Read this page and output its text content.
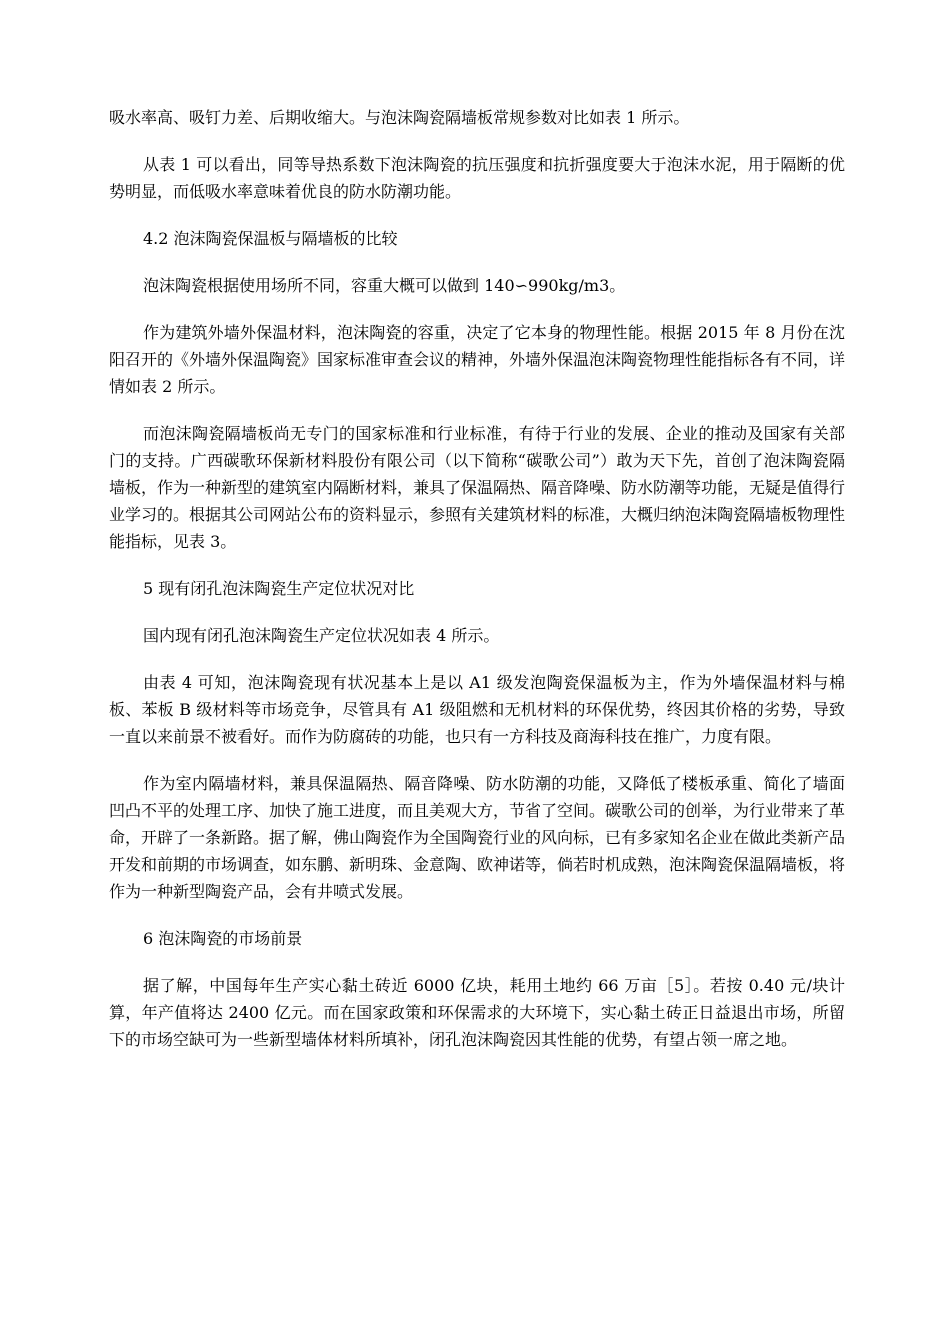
吸水率高、吸钉力差、后期收缩大。与泡沫陶瓷隔墙板常规参数对比如表 1 所示。

从表 1 可以看出，同等导热系数下泡沫陶瓷的抗压强度和抗折强度要大于泡沫水泥，用于隔断的优势明显，而低吸水率意味着优良的防水防潮功能。

4.2 泡沫陶瓷保温板与隔墙板的比较

泡沫陶瓷根据使用场所不同，容重大概可以做到 140∽990kg/m3。

作为建筑外墙外保温材料，泡沫陶瓷的容重，决定了它本身的物理性能。根据 2015 年 8 月份在沈阳召开的《外墙外保温陶瓷》国家标准审查会议的精神，外墙外保温泡沫陶瓷物理性能指标各有不同，详情如表 2 所示。

而泡沫陶瓷隔墙板尚无专门的国家标准和行业标准，有待于行业的发展、企业的推动及国家有关部门的支持。广西碳歌环保新材料股份有限公司（以下简称“碳歌公司”）敢为天下先，首创了泡沫陶瓷隔墙板，作为一种新型的建筑室内隔断材料，兼具了保温隔热、隔音降噪、防水防潮等功能，无疑是值得行业学习的。根据其公司网站公布的资料显示，参照有关建筑材料的标准，大概归纳泡沫陶瓷隔墙板物理性能指标，见表 3。

5 现有闭孔泡沫陶瓷生产定位状况对比

国内现有闭孔泡沫陶瓷生产定位状况如表 4 所示。

由表 4 可知，泡沫陶瓷现有状况基本上是以 A1 级发泡陶瓷保温板为主，作为外墙保温材料与棉板、苯板 B 级材料等市场竞争，尽管具有 A1 级阻燃和无机材料的环保优势，终因其价格的劣势，导致一直以来前景不被看好。而作为防腐砖的功能，也只有一方科技及商海科技在推广，力度有限。

作为室内隔墙材料，兼具保温隔热、隔音降噪、防水防潮的功能，又降低了楼板承重、简化了墙面凹凸不平的处理工序、加快了施工进度，而且美观大方，节省了空间。碳歌公司的创举，为行业带来了革命，开辟了一条新路。据了解，佛山陶瓷作为全国陶瓷行业的风向标，已有多家知名企业在做此类新产品开发和前期的市场调查，如东鹏、新明珠、金意陶、欧神诺等，倘若时机成熟，泡沫陶瓷保温隔墙板，将作为一种新型陶瓷产品，会有井喷式发展。

6 泡沫陶瓷的市场前景

据了解，中国每年生产实心黏土砖近 6000 亿块，耗用土地约 66 万亩［5］。若按 0.40 元/块计算，年产值将达 2400 亿元。而在国家政策和环保需求的大环境下，实心黏土砖正日益退出市场，所留下的市场空缺可为一些新型墙体材料所填补，闭孔泡沫陶瓷因其性能的优势，有望占领一席之地。
